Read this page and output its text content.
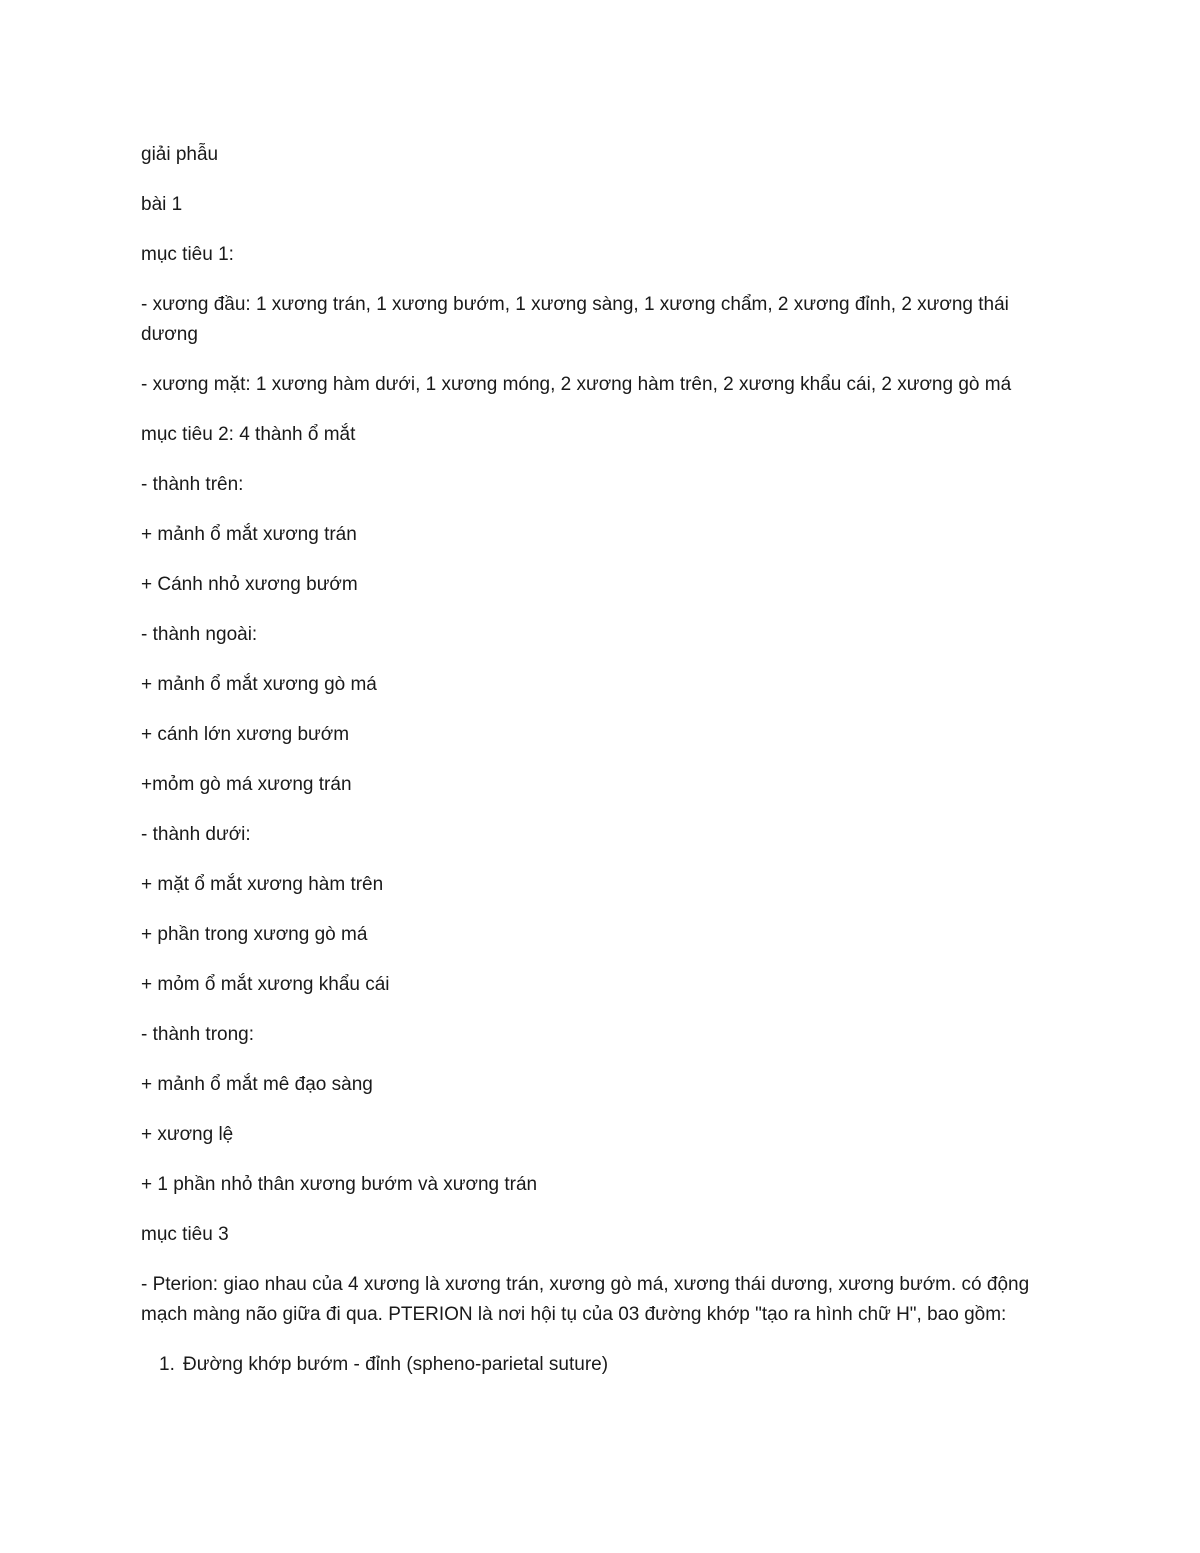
giải phẫu

bài 1

mục tiêu 1:

- xương đầu: 1 xương trán, 1 xương bướm, 1 xương sàng, 1 xương chẩm, 2 xương đỉnh, 2 xương thái dương

- xương mặt: 1 xương hàm dưới, 1 xương móng, 2 xương hàm trên, 2 xương khẩu cái, 2 xương gò má

mục tiêu 2: 4 thành ổ mắt

- thành trên:

+ mảnh ổ mắt xương trán

+ Cánh nhỏ xương bướm

- thành ngoài:

+ mảnh ổ mắt xương gò má

+ cánh lớn xương bướm

+mỏm gò má xương trán

- thành dưới:

+ mặt ổ mắt xương hàm trên

+ phần trong xương gò má

+ mỏm ổ mắt xương khẩu cái

- thành trong:

+ mảnh ổ mắt mê đạo sàng

+ xương lệ

+ 1 phần nhỏ thân xương bướm và xương trán

mục tiêu 3

- Pterion: giao nhau của 4 xương là xương trán, xương gò má, xương thái dương, xương bướm. có động mạch màng não giữa đi qua. PTERION là nơi hội tụ của 03 đường khớp "tạo ra hình chữ H", bao gồm:

1. Đường khớp bướm - đỉnh (spheno-parietal suture)
